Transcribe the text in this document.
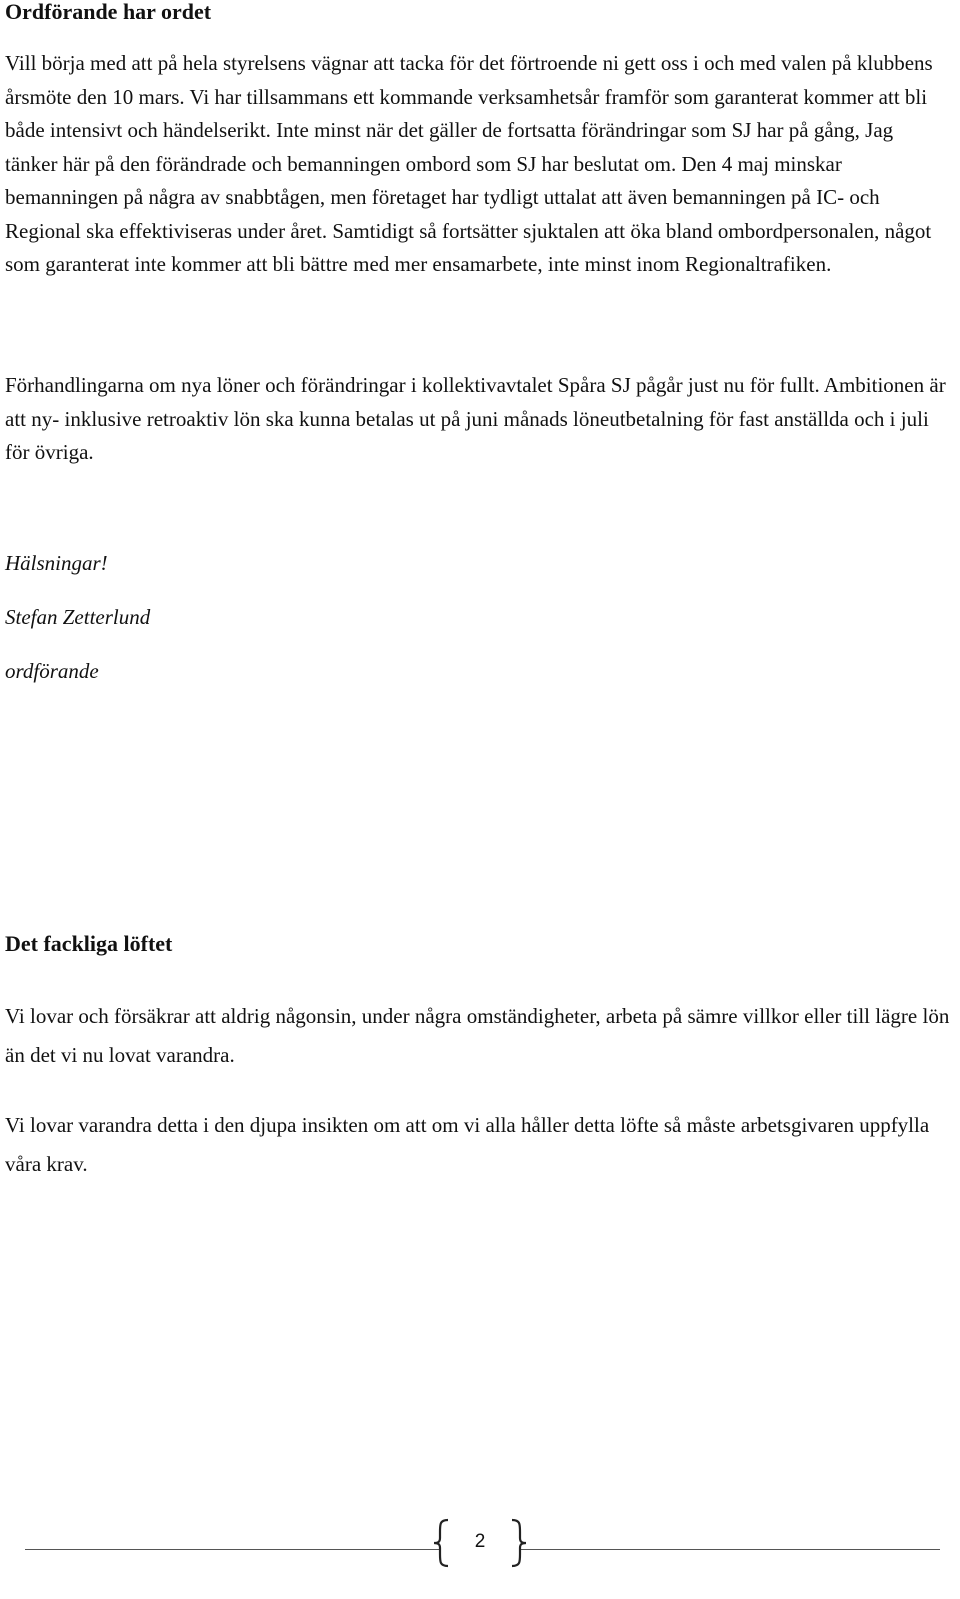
Ordförande har ordet

Vill börja med att på hela styrelsens vägnar att tacka för det förtroende ni gett oss i och med valen på klubbens årsmöte den 10 mars. Vi har tillsammans ett kommande verksamhetsår framför som garanterat kommer att bli både intensivt och händelserikt. Inte minst när det gäller de fortsatta förändringar som SJ har på gång, Jag tänker här på den förändrade och bemanningen ombord som SJ har beslutat om. Den 4 maj minskar bemanningen på några av snabbtågen, men företaget har tydligt uttalat att även bemanningen på IC- och Regional ska effektiviseras under året. Samtidigt så fortsätter sjuktalen att öka bland ombordpersonalen, något som garanterat inte kommer att bli bättre med mer ensamarbete, inte minst inom Regionaltrafiken.

Förhandlingarna om nya löner och förändringar i kollektivavtalet Spåra SJ pågår just nu för fullt. Ambitionen är att ny- inklusive retroaktiv lön ska kunna betalas ut på juni månads löneutbetalning för fast anställda och i juli för övriga.

Hälsningar!

Stefan Zetterlund

ordförande

Det fackliga löftet

Vi lovar och försäkrar att aldrig någonsin, under några omständigheter, arbeta på sämre villkor eller till lägre lön än det vi nu lovat varandra.

Vi lovar varandra detta i den djupa insikten om att om vi alla håller detta löfte så måste arbetsgivaren uppfylla våra krav.

2
